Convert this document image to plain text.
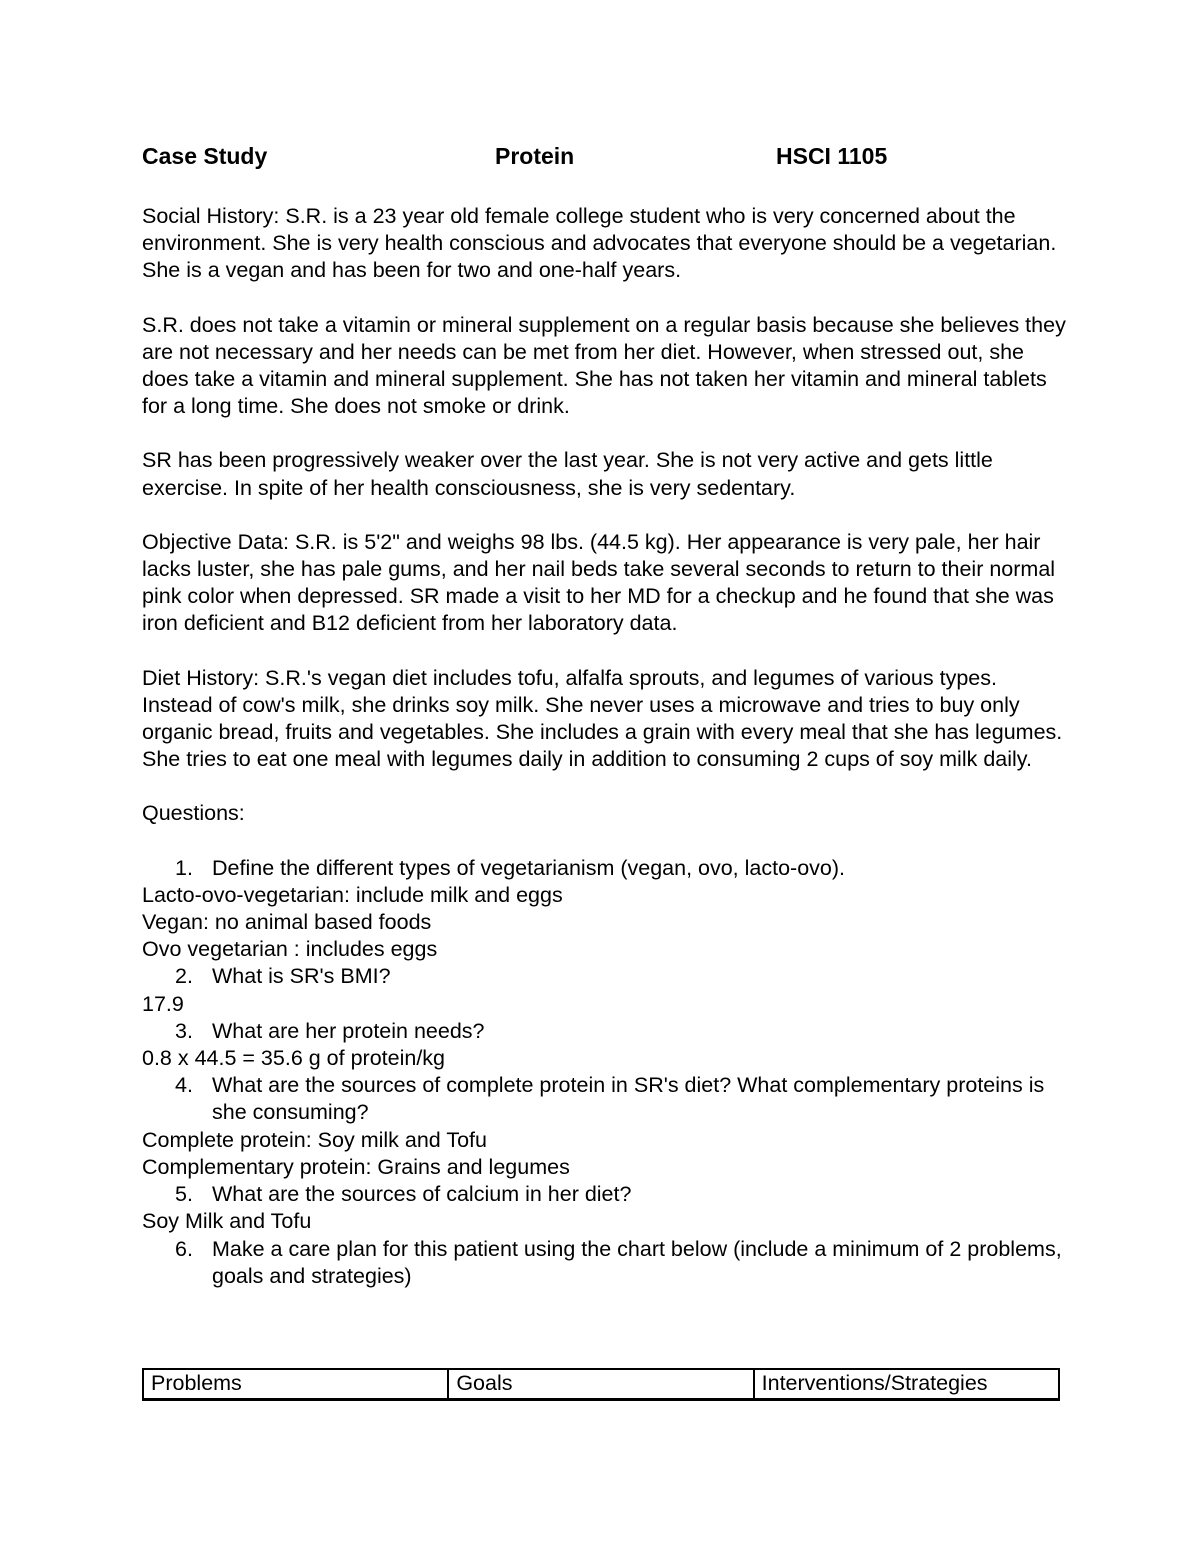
Case Study	Protein	HSCI 1105

Social History: S.R. is a 23 year old female college student who is very concerned about the environment. She is very health conscious and advocates that everyone should be a vegetarian. She is a vegan and has been for two and one-half years.

S.R. does not take a vitamin or mineral supplement on a regular basis because she believes they are not necessary and her needs can be met from her diet. However, when stressed out, she does take a vitamin and mineral supplement. She has not taken her vitamin and mineral tablets for a long time. She does not smoke or drink.

SR has been progressively weaker over the last year. She is not very active and gets little exercise. In spite of her health consciousness, she is very sedentary.

Objective Data: S.R. is 5'2" and weighs 98 lbs. (44.5 kg). Her appearance is very pale, her hair lacks luster, she has pale gums, and her nail beds take several seconds to return to their normal pink color when depressed. SR made a visit to her MD for a checkup and he found that she was iron deficient and B12 deficient from her laboratory data.

Diet History: S.R.'s vegan diet includes tofu, alfalfa sprouts, and legumes of various types. Instead of cow's milk, she drinks soy milk. She never uses a microwave and tries to buy only organic bread, fruits and vegetables. She includes a grain with every meal that she has legumes. She tries to eat one meal with legumes daily in addition to consuming 2 cups of soy milk daily.

Questions:

1. Define the different types of vegetarianism (vegan, ovo, lacto-ovo).

Lacto-ovo-vegetarian: include milk and eggs

Vegan: no animal based foods

Ovo vegetarian : includes eggs

2. What is SR's BMI?

17.9

3. What are her protein needs?

0.8 x 44.5 = 35.6 g of protein/kg

4. What are the sources of complete protein in SR's diet? What complementary proteins is she consuming?

Complete protein: Soy milk and Tofu

Complementary protein: Grains and legumes

5. What are the sources of calcium in her diet?

Soy Milk and Tofu

6. Make a care plan for this patient using the chart below (include a minimum of 2 problems, goals and strategies)
Problems	Goals	Interventions/Strategies
